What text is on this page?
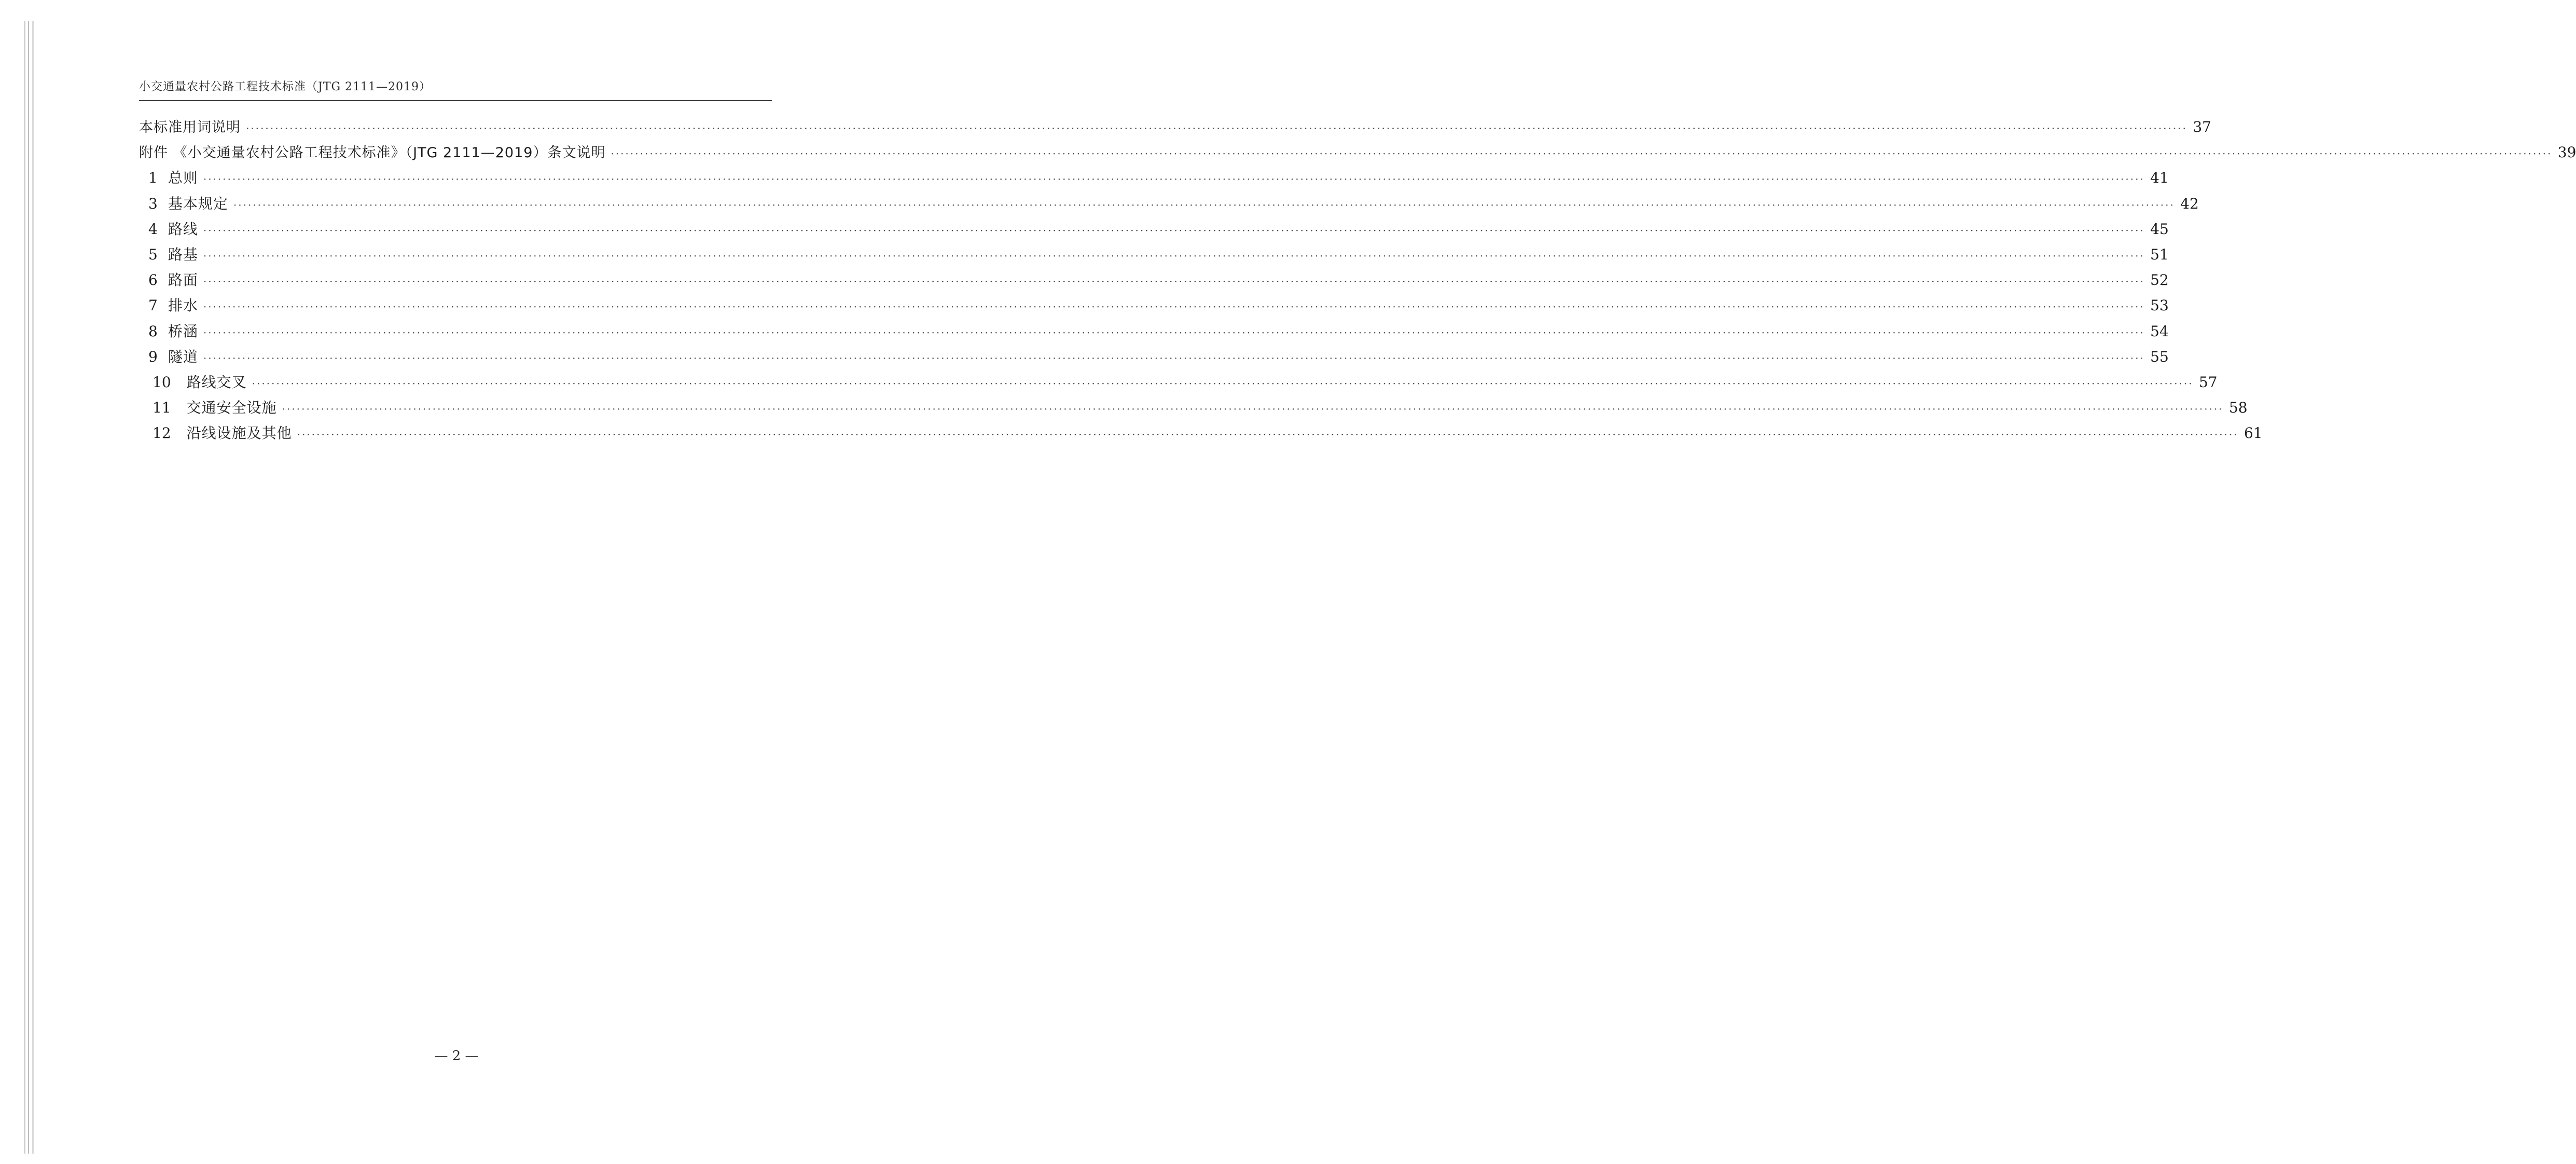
小交通量农村公路工程技术标准（JTG 2111—2019）
本标准用词说明 ················································································································································································································································································································································································································ 37
附件 《小交通量农村公路工程技术标准》（JTG 2111—2019）条文说明 ················································································································································································································································································································································································································ 39
1 总则 ················································································································································································································································································································································································································ 41
3 基本规定 ················································································································································································································································································································································································································ 42
4 路线 ················································································································································································································································································································································································································ 45
5 路基 ················································································································································································································································································································································································································ 51
6 路面 ················································································································································································································································································································································································································ 52
7 排水 ················································································································································································································································································································································································································ 53
8 桥涵 ················································································································································································································································································································································································································ 54
9 隧道 ················································································································································································································································································································································································································ 55
10 路线交叉 ················································································································································································································································································································································································································ 57
11 交通安全设施 ················································································································································································································································································································································································································ 58
12 沿线设施及其他 ················································································································································································································································································································································································································ 61
— 2 —
